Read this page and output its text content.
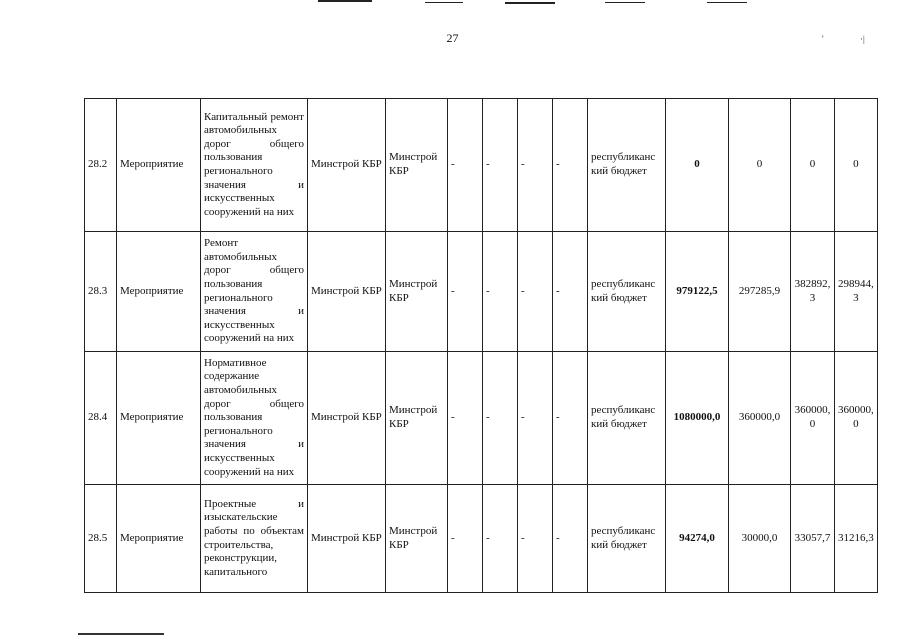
27	'	·|
28.2	Мероприятие	Капитальный ремонт автомобильных дорог общего пользования регионального значения и искусственных сооружений на них	Минстрой КБР	Минстрой КБР	-	-	-	-	республиканс кий бюджет	0	0	0	0
28.3	Мероприятие	Ремонт автомобильных дорог общего пользования регионального значения и искусственных сооружений на них	Минстрой КБР	Минстрой КБР	-	-	-	-	республиканс кий бюджет	979122,5	297285,9	382892, 3	298944, 3
28.4	Мероприятие	Нормативное содержание автомобильных дорог общего пользования регионального значения и искусственных сооружений на них	Минстрой КБР	Минстрой КБР	-	-	-	-	республиканс кий бюджет	1080000,0	360000,0	360000, 0	360000, 0
28.5	Мероприятие	Проектные и изыскательские работы по объектам строительства, реконструкции, капитального	Минстрой КБР	Минстрой КБР	-	-	-	-	республиканс кий бюджет	94274,0	30000,0	33057,7	31216,3
